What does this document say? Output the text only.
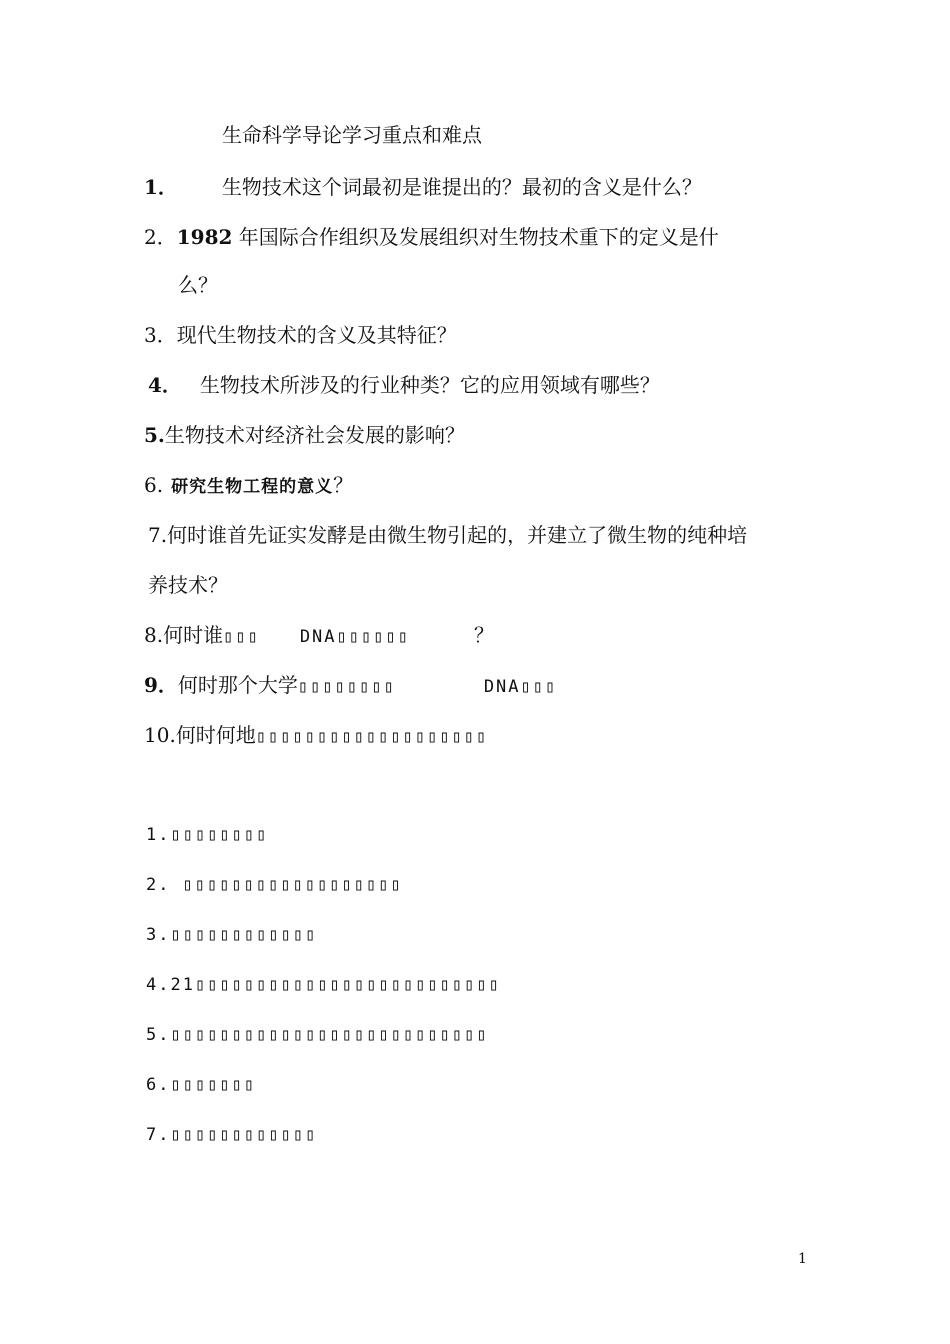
生命科学导论学习重点和难点
1． 生物技术这个词最初是谁提出的？最初的含义是什么？
2．1982 年国际合作组织及发展组织对生物技术重下的定义是什
么？
3．现代生物技术的含义及其特征？
4． 生物技术所涉及的行业种类？它的应用领域有哪些？
5.生物技术对经济社会发展的影响？
6. 研究生物工程的意义？
7.何时谁首先证实发酵是由微生物引起的，并建立了微生物的纯种培
养技术？
8.何时谁▯▯▯ DNA▯▯▯▯▯▯	？
9．何时那个大学▯▯▯▯▯▯▯▯	DNA▯▯▯
10.何时何地▯▯▯▯▯▯▯▯▯▯▯▯▯▯▯▯▯▯▯
1.▯▯▯▯▯▯▯▯
2. ▯▯▯▯▯▯▯▯▯▯▯▯▯▯▯▯▯▯
3.▯▯▯▯▯▯▯▯▯▯▯▯
4.21▯▯▯▯▯▯▯▯▯▯▯▯▯▯▯▯▯▯▯▯▯▯▯▯▯
5.▯▯▯▯▯▯▯▯▯▯▯▯▯▯▯▯▯▯▯▯▯▯▯▯▯▯
6.▯▯▯▯▯▯▯
7.▯▯▯▯▯▯▯▯▯▯▯▯
1
